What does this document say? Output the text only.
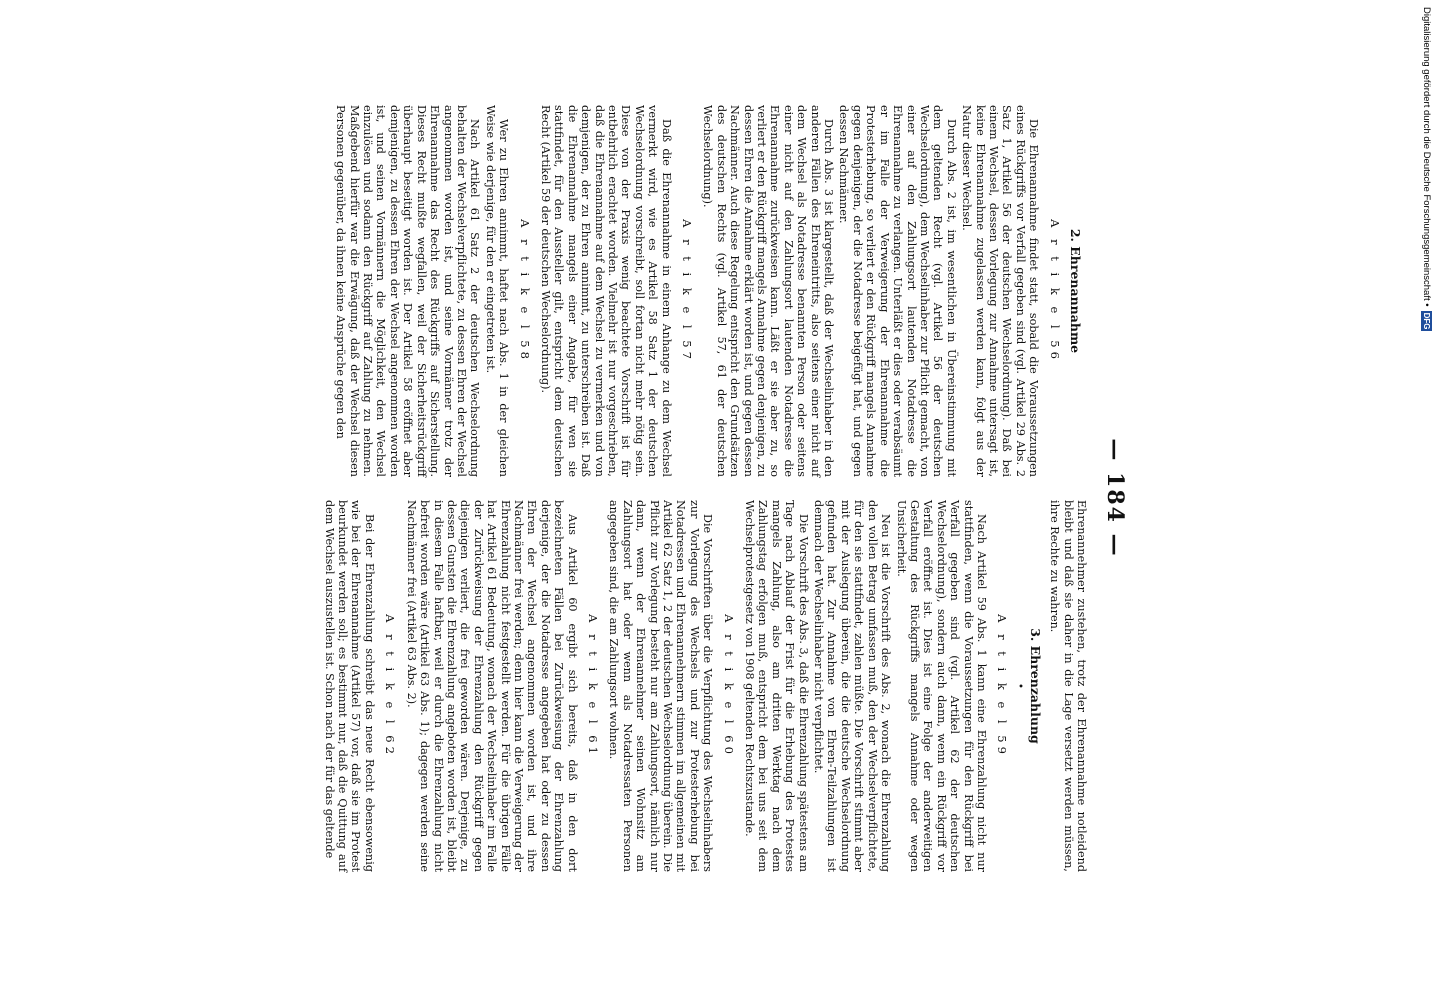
— 184 —
2. Ehrenannahme
A r t i k e l 56

Die Ehrenannahme findet statt, sobald die Voraussetzungen eines Rückgriffs vor Verfall gegeben sind (vgl. Artikel 29 Abs. 2 Satz 1, Artikel 56 der deutschen Wechselordnung). Daß bei einem Wechsel, dessen Vorlegung zur Annahme untersagt ist, keine Ehrenannahme zugelassen werden kann, folgt aus der Natur dieser Wechsel.

Durch Abs. 2 ist, im wesentlichen in Übereinstimmung mit dem geltenden Recht (vgl. Artikel 56 der deutschen Wechselordnung), dem Wechselinhaber zur Pflicht gemacht, von einer auf den Zahlungsort lautenden Notadresse die Ehrenannahme zu verlangen. Unterläßt er dies oder verabsäumt er im Falle der Verweigerung der Ehrenannahme die Protesterhebung, so verliert er den Rückgriff mangels Annahme gegen denjenigen, der die Notadresse beigefügt hat, und gegen dessen Nachmänner.

Durch Abs. 3 ist klargestellt, daß der Wechselinhaber in den anderen Fällen des Ehreneintritts, also seitens einer nicht auf dem Wechsel als Notadresse benannten Person oder seitens einer nicht auf den Zahlungsort lautenden Notadresse die Ehrenannahme zurückweisen kann. Läßt er sie aber zu, so verliert er den Rückgriff mangels Annahme gegen denjenigen, zu dessen Ehren die Annahme erklärt worden ist, und gegen dessen Nachmänner. Auch diese Regelung entspricht den Grundsätzen des deutschen Rechts (vgl. Artikel 57, 61 der deutschen Wechselordnung).

A r t i k e l 57

Daß die Ehrenannahme in einem Anhange zu dem Wechsel vermerkt wird, wie es Artikel 58 Satz 1 der deutschen Wechselordnung vorschreibt, soll fortan nicht mehr nötig sein. Diese von der Praxis wenig beachtete Vorschrift ist für entbehrlich erachtet worden. Vielmehr ist nur vorgeschrieben, daß die Ehrenannahme auf dem Wechsel zu vermerken und von demjenigen, der zu Ehren annimmt, zu unterschreiben ist. Daß die Ehrenannahme mangels einer Angabe, für wen sie stattfindet, für den Aussteller gilt, entspricht dem deutschen Recht (Artikel 59 der deutschen Wechselordnung).

A r t i k e l 58

Wer zu Ehren annimmt, haftet nach Abs. 1 in der gleichen Weise wie derjenige, für den er eingetreten ist.

Nach Artikel 61 Satz 2 der deutschen Wechselordnung behalten der Wechselverpflichtete, zu dessen Ehren der Wechsel angenommen worden ist, und seine Vormänner trotz der Ehrenannahme das Recht des Rückgriffs auf Sicherstellung. Dieses Recht mußte wegfallen, weil der Sicherheitsrückgriff überhaupt beseitigt worden ist. Der Artikel 58 eröffnet aber demjenigen, zu dessen Ehren der Wechsel angenommen worden ist, und seinen Vormännern die Möglichkeit, den Wechsel einzulösen und sodann den Rückgriff auf Zahlung zu nehmen. Maßgebend hierfür war die Erwägung, daß der Wechsel diesen Personen gegenüber, da ihnen keine Ansprüche gegen den

Ehrenannehmer zustehen, trotz der Ehrenannahme notleidend bleibt und daß sie daher in die Lage versetzt werden müssen, ihre Rechte zu wahren.

3. Ehrenzahlung
•
A r t i k e l 59

Nach Artikel 59 Abs. 1 kann eine Ehrenzahlung nicht nur stattfinden, wenn die Voraussetzungen für den Rückgriff bei Verfall gegeben sind (vgl. Artikel 62 der deutschen Wechselordnung), sondern auch dann, wenn ein Rückgriff vor Verfall eröffnet ist. Dies ist eine Folge der anderweitigen Gestaltung des Rückgriffs mangels Annahme oder wegen Unsicherheit.

Neu ist die Vorschrift des Abs. 2, wonach die Ehrenzahlung den vollen Betrag umfassen muß, den der Wechselverpflichtete, für den sie stattfindet, zahlen müßte. Die Vorschrift stimmt aber mit der Auslegung überein, die die deutsche Wechselordnung gefunden hat. Zur Annahme von Ehren-Teilzahlungen ist demnach der Wechselinhaber nicht verpflichtet.

Die Vorschrift des Abs. 3, daß die Ehrenzahlung spätestens am Tage nach Ablauf der Frist für die Erhebung des Protestes mangels Zahlung, also am dritten Werktag nach dem Zahlungstag erfolgen muß, entspricht dem bei uns seit dem Wechselprotestgesetz von 1908 geltenden Rechtszustande.

A r t i k e l 60

Die Vorschriften über die Verpflichtung des Wechselinhabers zur Vorlegung des Wechsels und zur Protesterhebung bei Notadressen und Ehrenannehmern stimmen im allgemeinen mit Artikel 62 Satz 1, 2 der deutschen Wechselordnung überein. Die Pflicht zur Vorlegung besteht nur am Zahlungsort, nämlich nur dann, wenn der Ehrenannehmer seinen Wohnsitz am Zahlungsort hat oder wenn als Notadressaten Personen angegeben sind, die am Zahlungsort wohnen.

A r t i k e l 61

Aus Artikel 60 ergibt sich bereits, daß in den dort bezeichneten Fällen bei Zurückweisung der Ehrenzahlung derjenige, der die Notadresse angegeben hat oder zu dessen Ehren der Wechsel angenommen worden ist, und ihre Nachmänner frei werden; denn hier kann die Verweigerung der Ehrenzahlung nicht festgestellt werden. Für die übrigen Fälle hat Artikel 61 Bedeutung, wonach der Wechselinhaber im Falle der Zurückweisung der Ehrenzahlung den Rückgriff gegen diejenigen verliert, die frei geworden wären. Derjenige, zu dessen Gunsten die Ehrenzahlung angeboten worden ist, bleibt in diesem Falle haftbar, weil er durch die Ehrenzahlung nicht befreit worden wäre (Artikel 63 Abs. 1); dagegen werden seine Nachmänner frei (Artikel 63 Abs. 2).

A r t i k e l 62

Bei der Ehrenzahlung schreibt das neue Recht ebensowenig wie bei der Ehrenannahme (Artikel 57) vor, daß sie im Protest beurkundet werden soll; es bestimmt nur, daß die Quittung auf dem Wechsel auszustellen ist. Schon nach der für das geltende

Digitalisierung gefördert durch die Deutsche Forschungsgemeinschaft •DFG
